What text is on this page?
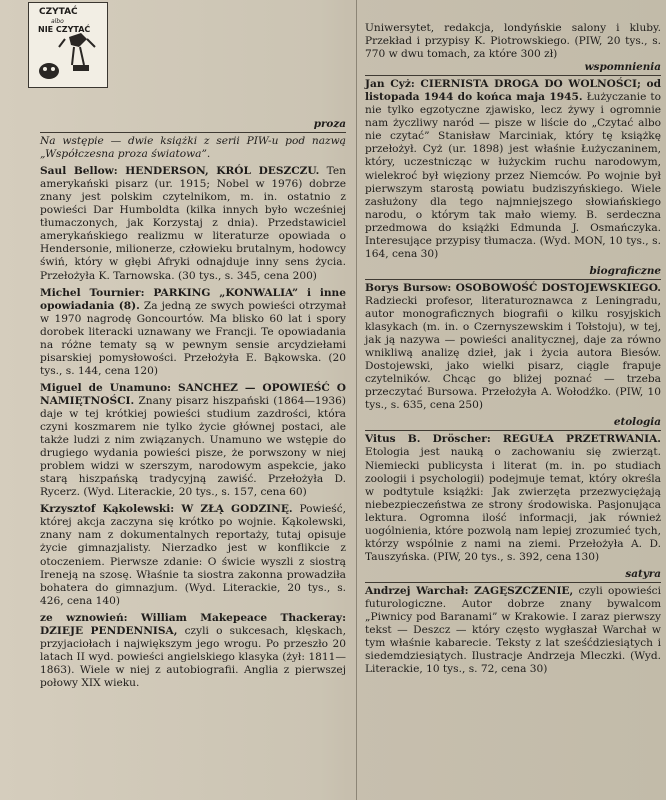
CZYTAĆ
albo
NIE CZYTAĆ

proza

Na wstępie — dwie książki z serii PIW-u pod nazwą „Współczesna proza światowa”.

Saul Bellow: HENDERSON, KRÓL DESZCZU. Ten amerykański pisarz (ur. 1915; Nobel w 1976) dobrze znany jest polskim czytelnikom, m. in. ostatnio z powieści Dar Humboldta (kilka innych było wcześniej tłumaczonych, jak Korzystaj z dnia). Przedstawiciel amerykańskiego realizmu w literaturze opowiada o Hendersonie, milionerze, człowieku brutalnym, hodowcy świń, który w głębi Afryki odnajduje inny sens życia. Przełożyła K. Tarnowska. (30 tys., s. 345, cena 200)

Michel Tournier: PARKING „KONWALIA” i inne opowiadania (8). Za jedną ze swych powieści otrzymał w 1970 nagrodę Goncourtów. Ma blisko 60 lat i spory dorobek literacki uznawany we Francji. Te opowiadania na różne tematy są w pewnym sensie arcydziełami pisarskiej pomysłowości. Przełożyła E. Bąkowska. (20 tys., s. 144, cena 120)

Miguel de Unamuno: SANCHEZ — OPOWIEŚĆ O NAMIĘTNOŚCI. Znany pisarz hiszpański (1864—1936) daje w tej krótkiej powieści studium zazdrości, która czyni koszmarem nie tylko życie głównej postaci, ale także ludzi z nim związanych. Unamuno we wstępie do drugiego wydania powieści pisze, że porwszony w niej problem widzi w szerszym, narodowym aspekcie, jako starą hiszpańską tradycyjną zawiść. Przełożyła D. Rycerz. (Wyd. Literackie, 20 tys., s. 157, cena 60)

Krzysztof Kąkolewski: W ZŁĄ GODZINĘ. Powieść, której akcja zaczyna się krótko po wojnie. Kąkolewski, znany nam z dokumentalnych reportaży, tutaj opisuje życie gimnazjalisty. Nierzadko jest w konflikcie z otoczeniem. Pierwsze zdanie: O świcie wyszli z siostrą Ireneją na szosę. Właśnie ta siostra zakonna prowadziła bohatera do gimnazjum. (Wyd. Literackie, 20 tys., s. 426, cena 140)

ze wznowień: William Makepeace Thackeray: DZIEJE PENDENNISA, czyli o sukcesach, klęskach, przyjaciołach i największym jego wrogu. Po przeszło 20 latach II wyd. powieści angielskiego klasyka (żył: 1811—1863). Wiele w niej z autobiografii. Anglia z pierwszej połowy XIX wieku.

Uniwersytet, redakcja, londyńskie salony i kluby. Przekład i przypisy K. Piotrowskiego. (PIW, 20 tys., s. 770 w dwu tomach, za które 300 zł)

wspomnienia

Jan Cyż: CIERNISTA DROGA DO WOLNOŚCI; od listopada 1944 do końca maja 1945. Łużyczanie to nie tylko egzotyczne zjawisko, lecz żywy i ogromnie nam życzliwy naród — pisze w liście do „Czytać albo nie czytać” Stanisław Marciniak, który tę książkę przełożył. Cyż (ur. 1898) jest właśnie Łużyczaninem, który, uczestnicząc w łużyckim ruchu narodowym, wielekroć był więziony przez Niemców. Po wojnie był pierwszym starostą powiatu budziszyńskiego. Wiele zasłużony dla tego najmniejszego słowiańskiego narodu, o którym tak mało wiemy. B. serdeczna przedmowa do książki Edmunda J. Osmańczyka. Interesujące przypisy tłumacza. (Wyd. MON, 10 tys., s. 164, cena 30)

biograficzne

Borys Bursow: OSOBOWOŚĆ DOSTOJEWSKIEGO. Radziecki profesor, literaturoznawca z Leningradu, autor monograficznych biografii o kilku rosyjskich klasykach (m. in. o Czernyszewskim i Tołstoju), w tej, jak ją nazywa — powieści analitycznej, daje za równo wnikliwą analizę dzieł, jak i życia autora Biesów. Dostojewski, jako wielki pisarz, ciągle frapuje czytelników. Chcąc go bliżej poznać — trzeba przeczytać Bursowa. Przełożyła A. Wołodźko. (PIW, 10 tys., s. 635, cena 250)

etologia

Vitus B. Dröscher: REGUŁA PRZETRWANIA. Etologia jest nauką o zachowaniu się zwierząt. Niemiecki publicysta i literat (m. in. po studiach zoologii i psychologii) podejmuje temat, który określa w podtytule książki: Jak zwierzęta przezwyciężają niebezpieczeństwa ze strony środowiska. Pasjonująca lektura. Ogromna ilość informacji, jak również uogólnienia, które pozwolą nam lepiej zrozumieć tych, którzy wspólnie z nami na ziemi. Przełożyła A. D. Tauszyńska. (PIW, 20 tys., s. 392, cena 130)

satyra

Andrzej Warchał: ZAGĘSZCZENIE, czyli opowieści futurologiczne. Autor dobrze znany bywalcom „Piwnicy pod Baranami” w Krakowie. I zaraz pierwszy tekst — Deszcz — który często wygłaszał Warchał w tym właśnie kabarecie. Teksty z lat sześćdziesiątych i siedemdziesiątych. Ilustracje Andrzeja Mleczki. (Wyd. Literackie, 10 tys., s. 72, cena 30)
